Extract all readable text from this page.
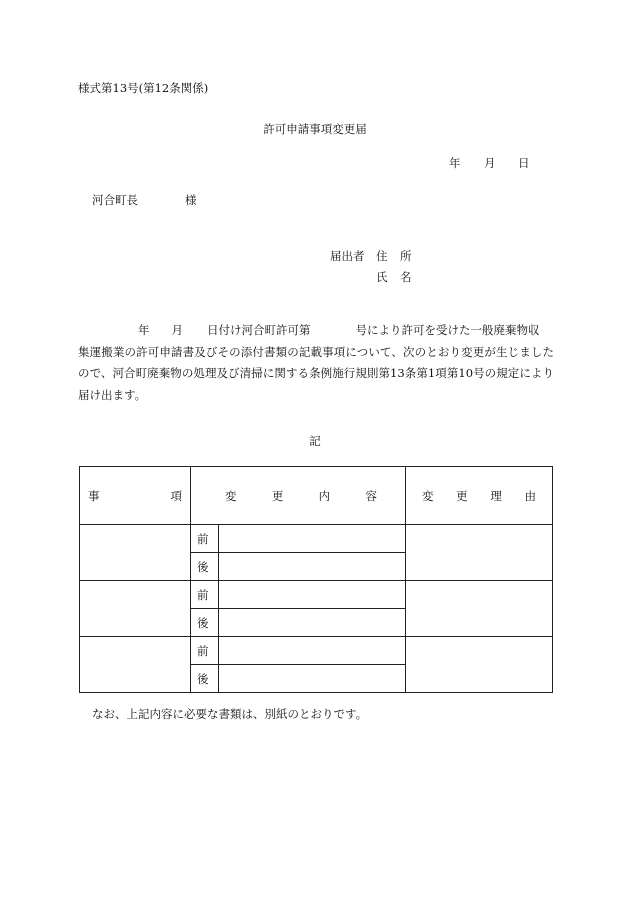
様式第13号(第12条関係)
許可申請事項変更届
年 月 日
河合町長	様
届出者 住 所
氏 名
年 月 日付け河合町許可第	号により許可を受けた一般廃棄物収
集運搬業の許可申請書及びその添付書類の記載事項について、次のとおり変更が生じましたので、河合町廃棄物の処理及び清掃に関する条例施行規則第13条第1項第10号の規定により届け出ます。
記
事 項	変 更 内 容		変 更 理 由

	前		
	後		
	前		
	後		
	前		
	後		
なお、上記内容に必要な書類は、別紙のとおりです。
